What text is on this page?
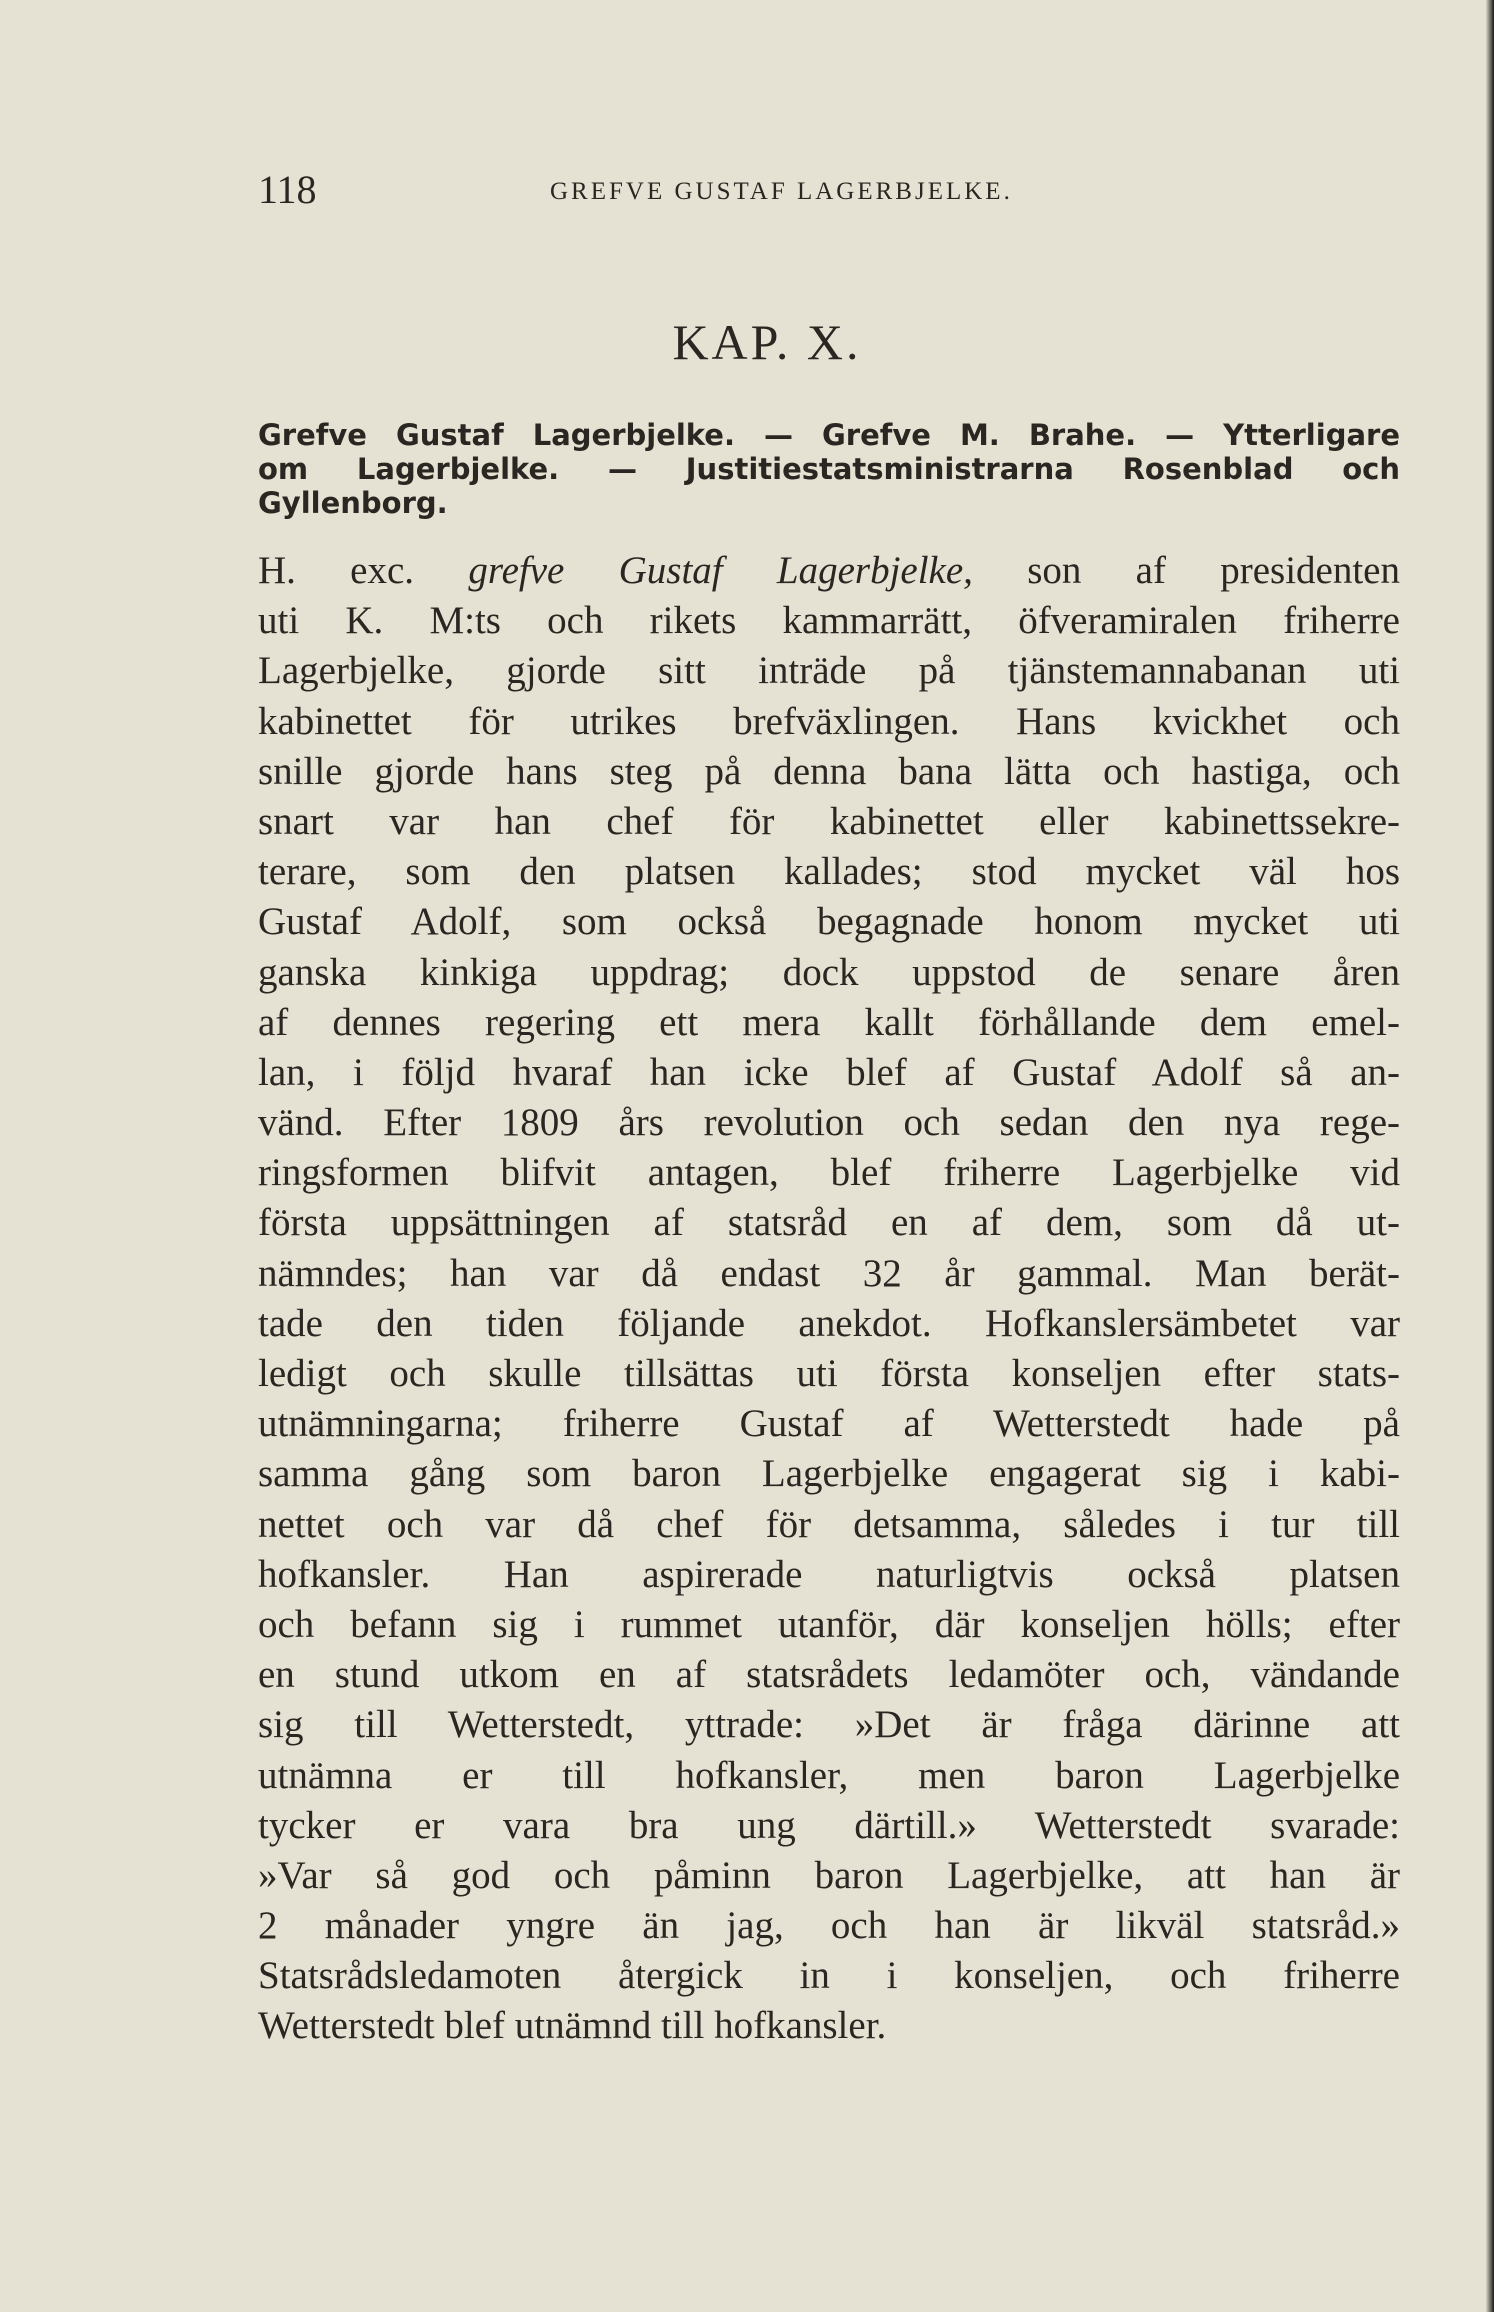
118	GREFVE GUSTAF LAGERBJELKE.
KAP. X.
Grefve Gustaf Lagerbjelke. — Grefve M. Brahe. — Ytterligare
om Lagerbjelke. — Justitiestatsministrarna Rosenblad och
Gyllenborg.
H. exc. grefve Gustaf Lagerbjelke, son af presidenten
uti K. M:ts och rikets kammarrätt, öfveramiralen friherre
Lagerbjelke, gjorde sitt inträde på tjänstemannabanan uti
kabinettet för utrikes brefväxlingen. Hans kvickhet och
snille gjorde hans steg på denna bana lätta och hastiga, och
snart var han chef för kabinettet eller kabinettssekre-
terare, som den platsen kallades; stod mycket väl hos
Gustaf Adolf, som också begagnade honom mycket uti
ganska kinkiga uppdrag; dock uppstod de senare åren
af dennes regering ett mera kallt förhållande dem emel-
lan, i följd hvaraf han icke blef af Gustaf Adolf så an-
vänd. Efter 1809 års revolution och sedan den nya rege-
ringsformen blifvit antagen, blef friherre Lagerbjelke vid
första uppsättningen af statsråd en af dem, som då ut-
nämndes; han var då endast 32 år gammal. Man berät-
tade den tiden följande anekdot. Hofkanslersämbetet var
ledigt och skulle tillsättas uti första konseljen efter stats-
utnämningarna; friherre Gustaf af Wetterstedt hade på
samma gång som baron Lagerbjelke engagerat sig i kabi-
nettet och var då chef för detsamma, således i tur till
hofkansler. Han aspirerade naturligtvis också platsen
och befann sig i rummet utanför, där konseljen hölls; efter
en stund utkom en af statsrådets ledamöter och, vändande
sig till Wetterstedt, yttrade: »Det är fråga därinne att
utnämna er till hofkansler, men baron Lagerbjelke
tycker er vara bra ung därtill.» Wetterstedt svarade:
»Var så god och påminn baron Lagerbjelke, att han är
2 månader yngre än jag, och han är likväl statsråd.»
Statsrådsledamoten återgick in i konseljen, och friherre
Wetterstedt blef utnämnd till hofkansler.
